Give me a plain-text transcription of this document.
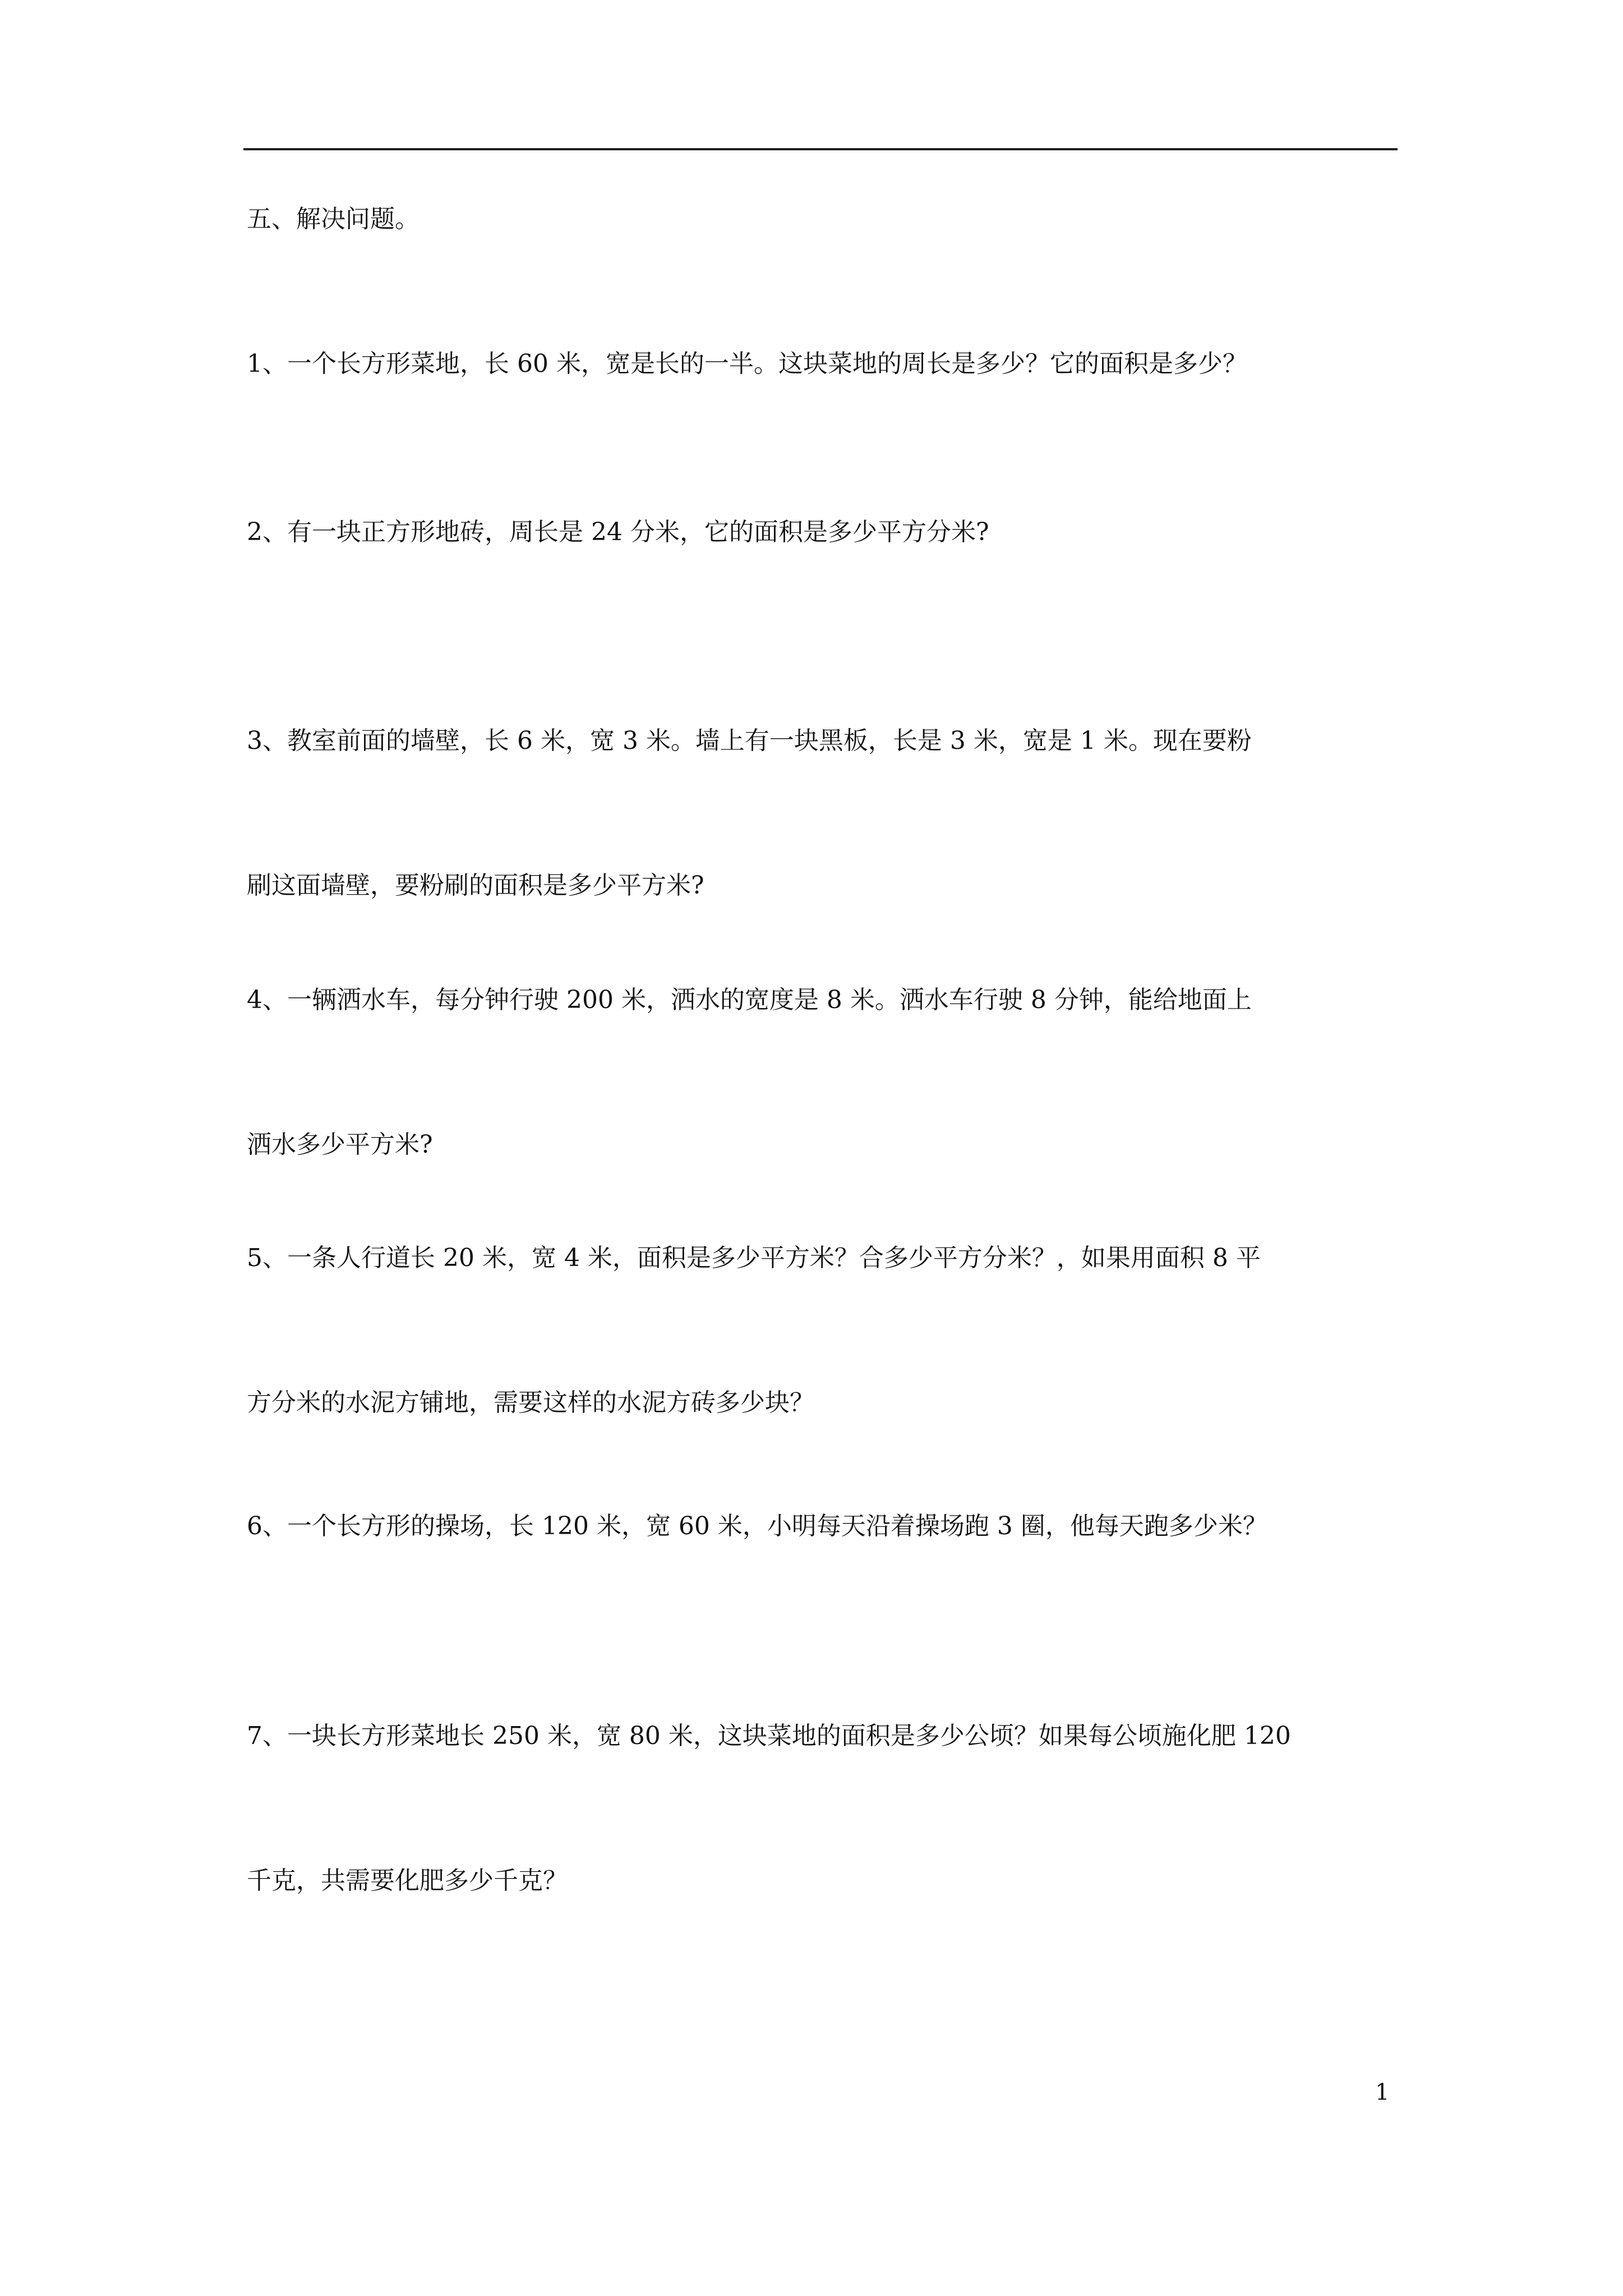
五、解决问题。

1、一个长方形菜地，长 60 米，宽是长的一半。这块菜地的周长是多少？它的面积是多少？

2、有一块正方形地砖，周长是 24 分米，它的面积是多少平方分米?

3、教室前面的墙壁，长 6 米，宽 3 米。墙上有一块黑板，长是 3 米，宽是 1 米。现在要粉

刷这面墙壁，要粉刷的面积是多少平方米?

4、一辆洒水车，每分钟行驶 200 米，洒水的宽度是 8 米。洒水车行驶 8 分钟，能给地面上

洒水多少平方米?

5、一条人行道长 20 米，宽 4 米，面积是多少平方米？合多少平方分米？，如果用面积 8 平

方分米的水泥方铺地，需要这样的水泥方砖多少块？

6、一个长方形的操场，长 120 米，宽 60 米，小明每天沿着操场跑 3 圈，他每天跑多少米？

7、一块长方形菜地长 250 米，宽 80 米，这块菜地的面积是多少公顷？如果每公顷施化肥 120

千克，共需要化肥多少千克？

1
